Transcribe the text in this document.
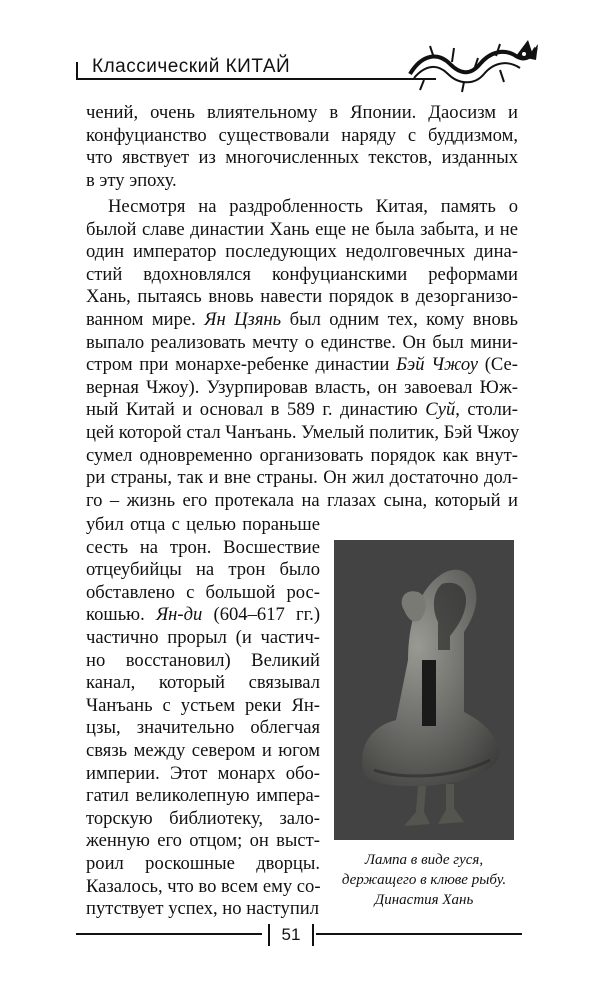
Классический КИТАЙ
чений, очень влиятельному в Японии. Даосизм и
конфуцианство существовали наряду с буддизмом,
что явствует из многочисленных текстов, изданных
в эту эпоху.
Несмотря на раздробленность Китая, память о
былой славе династии Хань еще не была забыта, и не
один император последующих недолговечных дина-
стий вдохновлялся конфуцианскими реформами
Хань, пытаясь вновь навести порядок в дезорганизо-
ванном мире. Ян Цзянь был одним тех, кому вновь
выпало реализовать мечту о единстве. Он был мини-
стром при монархе-ребенке династии Бэй Чжоу (Се-
верная Чжоу). Узурпировав власть, он завоевал Юж-
ный Китай и основал в 589 г. династию Суй, столи-
цей которой стал Чанъань. Умелый политик, Бэй Чжоу
сумел одновременно организовать порядок как внут-
ри страны, так и вне страны. Он жил достаточно дол-
го – жизнь его протекала на глазах сына, который и
убил отца с целью пораньше
сесть на трон. Восшествие
отцеубийцы на трон было
обставлено с большой рос-
кошью. Ян-ди (604–617 гг.)
частично прорыл (и частич-
но восстановил) Великий
канал, который связывал
Чанъань с устьем реки Ян-
цзы, значительно облегчая
связь между севером и югом
империи. Этот монарх обо-
гатил великолепную импера-
торскую библиотеку, зало-
женную его отцом; он выст-
роил роскошные дворцы.
Казалось, что во всем ему со-
путствует успех, но наступил
Лампа в виде гуся,
держащего в клюве рыбу.
Династия Хань
51
